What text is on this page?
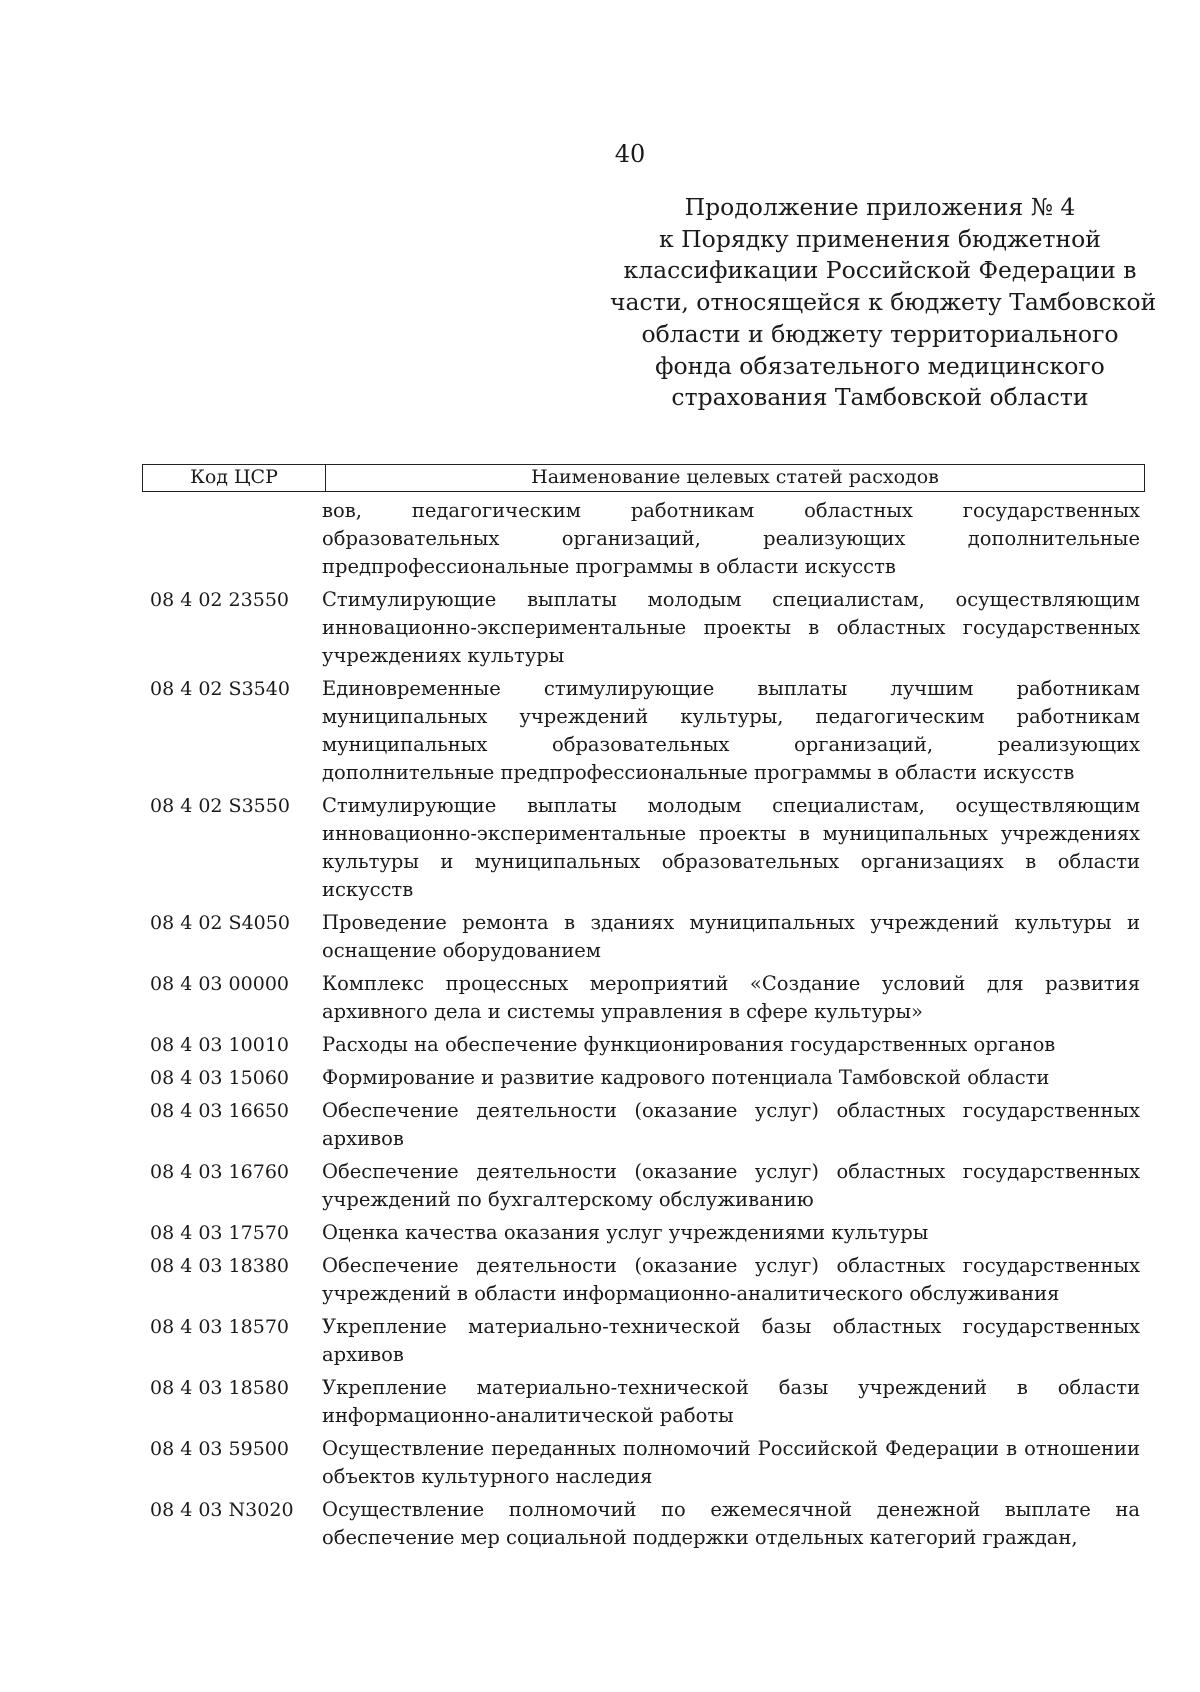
40
Продолжение приложения № 4
к Порядку применения бюджетной
классификации Российской Федерации в
части, относящейся к бюджету Тамбовской
области и бюджету территориального
фонда обязательного медицинского
страхования Тамбовской области
Код ЦСР	Наименование целевых статей расходов
вов, педагогическим работникам областных государственных образовательных организаций, реализующих дополнительные предпрофессиональные программы в области искусств
08 4 02 23550	Стимулирующие выплаты молодым специалистам, осуществляющим инновационно-экспериментальные проекты в областных государственных учреждениях культуры
08 4 02 S3540	Единовременные стимулирующие выплаты лучшим работникам муниципальных учреждений культуры, педагогическим работникам муниципальных образовательных организаций, реализующих дополнительные предпрофессиональные программы в области искусств
08 4 02 S3550	Стимулирующие выплаты молодым специалистам, осуществляющим инновационно-экспериментальные проекты в муниципальных учреждениях культуры и муниципальных образовательных организациях в области искусств
08 4 02 S4050	Проведение ремонта в зданиях муниципальных учреждений культуры и оснащение оборудованием
08 4 03 00000	Комплекс процессных мероприятий «Создание условий для развития архивного дела и системы управления в сфере культуры»
08 4 03 10010	Расходы на обеспечение функционирования государственных органов
08 4 03 15060	Формирование и развитие кадрового потенциала Тамбовской области
08 4 03 16650	Обеспечение деятельности (оказание услуг) областных государственных архивов
08 4 03 16760	Обеспечение деятельности (оказание услуг) областных государственных учреждений по бухгалтерскому обслуживанию
08 4 03 17570	Оценка качества оказания услуг учреждениями культуры
08 4 03 18380	Обеспечение деятельности (оказание услуг) областных государственных учреждений в области информационно-аналитического обслуживания
08 4 03 18570	Укрепление материально-технической базы областных государственных архивов
08 4 03 18580	Укрепление материально-технической базы учреждений в области информационно-аналитической работы
08 4 03 59500	Осуществление переданных полномочий Российской Федерации в отношении объектов культурного наследия
08 4 03 N3020	Осуществление полномочий по ежемесячной денежной выплате на обеспечение мер социальной поддержки отдельных категорий граждан,
